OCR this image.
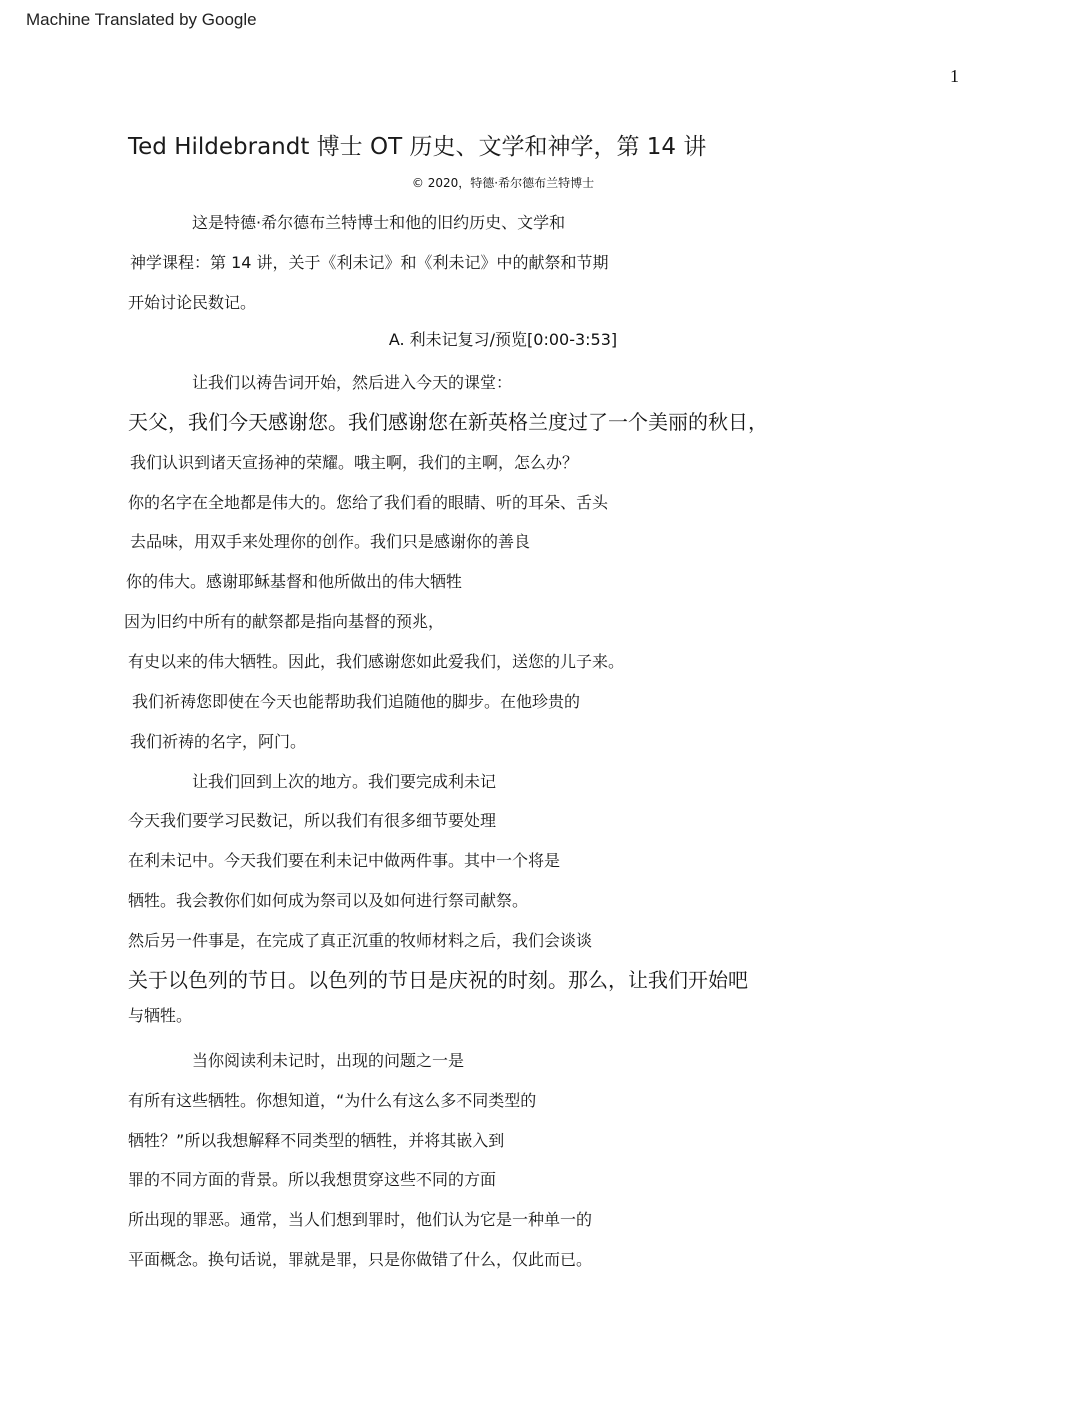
Machine Translated by Google
1
Ted Hildebrandt 博士 OT 历史、文学和神学，第 14 讲
© 2020，特德·希尔德布兰特博士
这是特德·希尔德布兰特博士和他的旧约历史、文学和
神学课程：第 14 讲，关于《利未记》和《利未记》中的献祭和节期
开始讨论民数记。
A. 利未记复习/预览[0:00-3:53]
让我们以祷告词开始，然后进入今天的课堂：
天父，我们今天感谢您。我们感谢您在新英格兰度过了一个美丽的秋日，
我们认识到诸天宣扬神的荣耀。哦主啊，我们的主啊，怎么办？
你的名字在全地都是伟大的。您给了我们看的眼睛、听的耳朵、舌头
去品味，用双手来处理你的创作。我们只是感谢你的善良
你的伟大。感谢耶稣基督和他所做出的伟大牺牲
因为旧约中所有的献祭都是指向基督的预兆，
有史以来的伟大牺牲。因此，我们感谢您如此爱我们，送您的儿子来。
我们祈祷您即使在今天也能帮助我们追随他的脚步。在他珍贵的
我们祈祷的名字，阿门。
让我们回到上次的地方。我们要完成利未记
今天我们要学习民数记，所以我们有很多细节要处理
在利未记中。今天我们要在利未记中做两件事。其中一个将是
牺牲。我会教你们如何成为祭司以及如何进行祭司献祭。
然后另一件事是，在完成了真正沉重的牧师材料之后，我们会谈谈
关于以色列的节日。以色列的节日是庆祝的时刻。那么，让我们开始吧
与牺牲。
当你阅读利未记时，出现的问题之一是
有所有这些牺牲。你想知道，“为什么有这么多不同类型的
牺牲？”所以我想解释不同类型的牺牲，并将其嵌入到
罪的不同方面的背景。所以我想贯穿这些不同的方面
所出现的罪恶。通常，当人们想到罪时，他们认为它是一种单一的
平面概念。换句话说，罪就是罪，只是你做错了什么，仅此而已。
